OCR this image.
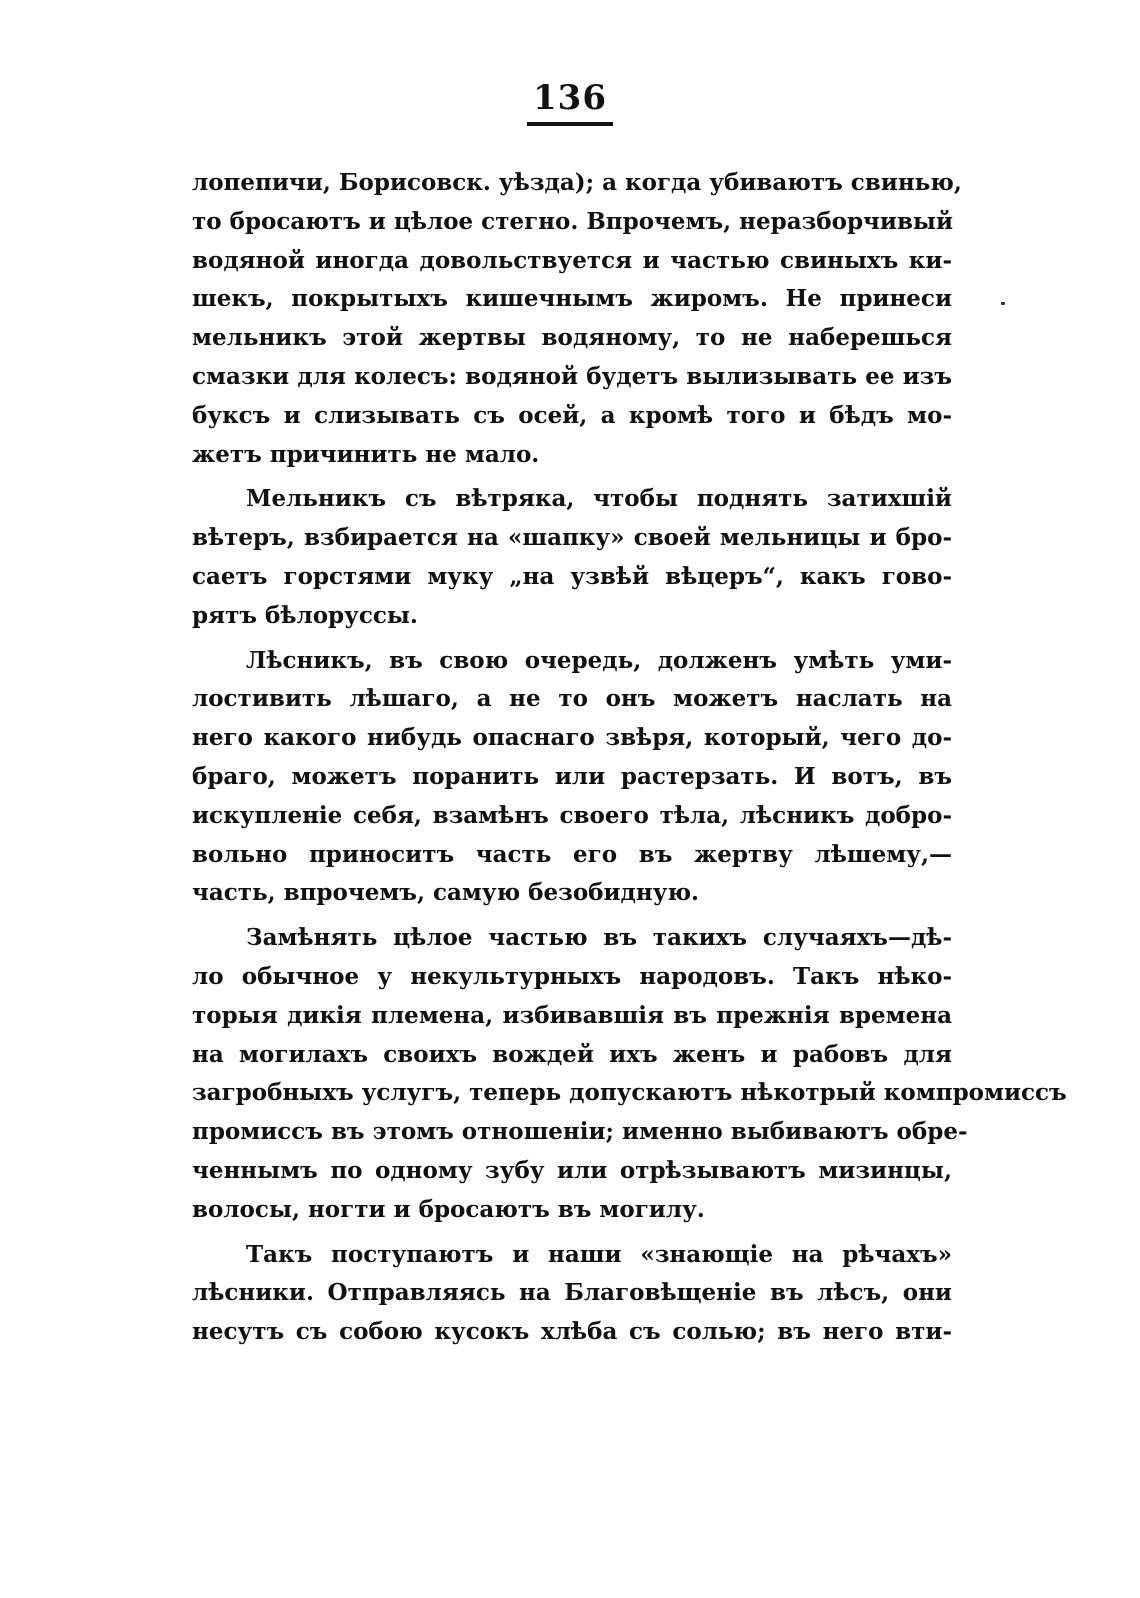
136
лопепичи, Борисовск. уѣзда); а когда убиваютъ свинью,
то бросаютъ и цѣлое стегно. Впрочемъ, неразборчивый
водяной иногда довольствуется и частью свиныхъ ки-
шекъ, покрытыхъ кишечнымъ жиромъ. Не принеси
мельникъ этой жертвы водяному, то не наберешься
смазки для колесъ: водяной будетъ вылизывать ее изъ
буксъ и слизывать съ осей, а кромѣ того и бѣдъ мо-
жетъ причинить не мало.
Мельникъ съ вѣтряка, чтобы поднять затихшій
вѣтеръ, взбирается на «шапку» своей мельницы и бро-
саетъ горстями муку „на узвѣй вѣцеръ“, какъ гово-
рятъ бѣлоруссы.
Лѣсникъ, въ свою очередь, долженъ умѣть уми-
лостивить лѣшаго, а не то онъ можетъ наслать на
него какого нибудь опаснаго звѣря, который, чего до-
браго, можетъ поранить или растерзать. И вотъ, въ
искупленіе себя, взамѣнъ своего тѣла, лѣсникъ добро-
вольно приноситъ часть его въ жертву лѣшему,—
часть, впрочемъ, самую безобидную.
Замѣнять цѣлое частью въ такихъ случаяхъ—дѣ-
ло обычное у некультурныхъ народовъ. Такъ нѣко-
торыя дикія племена, избивавшія въ прежнія времена
на могилахъ своихъ вождей ихъ женъ и рабовъ для
загробныхъ услугъ, теперь допускаютъ нѣкотрый компромиссъ
промиссъ въ этомъ отношеніи; именно выбиваютъ обре-
ченнымъ по одному зубу или отрѣзываютъ мизинцы,
волосы, ногти и бросаютъ въ могилу.
Такъ поступаютъ и наши «знающіе на рѣчахъ»
лѣсники. Отправляясь на Благовѣщеніе въ лѣсъ, они
несутъ съ собою кусокъ хлѣба съ солью; въ него вти-
